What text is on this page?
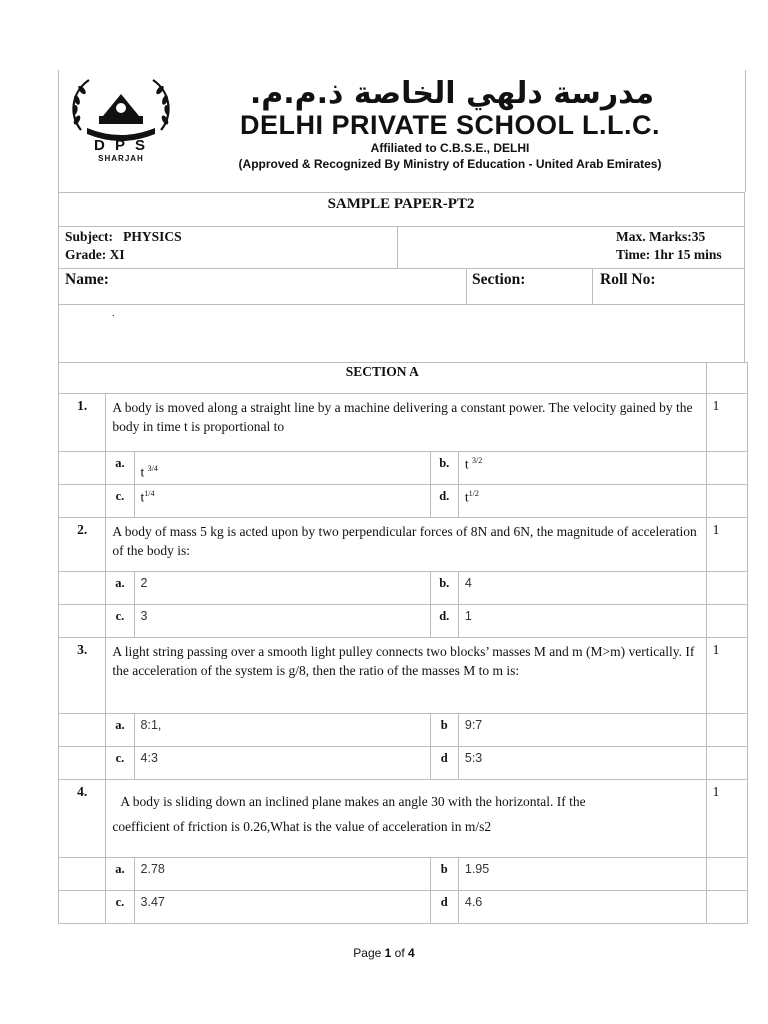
D P S
SHARJAH
مدرسة دلهي الخاصة ذ.م.م.
DELHI PRIVATE SCHOOL L.L.C.
Affiliated to C.B.S.E., DELHI
(Approved & Recognized By Ministry of Education - United Arab Emirates)
SAMPLE PAPER-PT2
Subject: PHYSICS
Grade: XI
Max. Marks:35
Time: 1hr 15 mins
Name:	Section:	Roll No:
.
SECTION A					
1.	A body is moved along a straight line by a machine delivering a constant power. The velocity gained by the body in time t is proportional to				1
	a.	t $^{3/4}$	b.	t $^{3/2}$	
	c.	$t^{1/4}$	d.	$t^{1/2}$	
2.	A body of mass 5 kg is acted upon by two perpendicular forces of 8N and 6N, the magnitude of acceleration of the body is:				1
	a.	2	b.	4	
	c.	3	d.	1	
3.	A light string passing over a smooth light pulley connects two blocks’ masses M and m (M>m) vertically. If the acceleration of the system is g/8, then the ratio of the masses M to m is:				1
	a.	8:1,	b	9:7	
	c.	4:3	d	5:3	
4.	A body is sliding down an inclined plane makes an angle 30 with the horizontal. If the
coefficient of friction is 0.26,What is the value of acceleration in m/s2				1
	a.	2.78	b	1.95	
	c.	3.47	d	4.6	
Page 1 of 4
